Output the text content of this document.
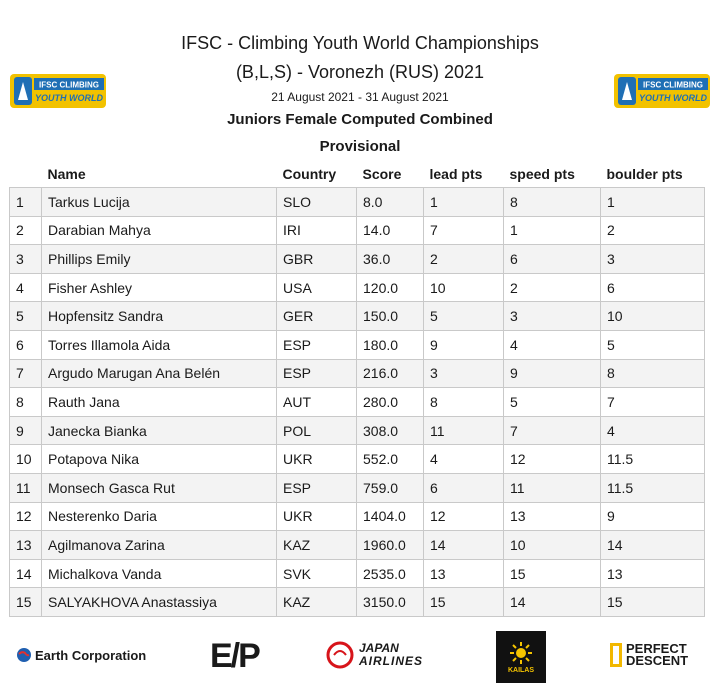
IFSC - Climbing Youth World Championships
(B,L,S) - Voronezh (RUS) 2021
21 August 2021 - 31 August 2021
Juniors Female Computed Combined
Provisional
IFSC CLIMBING
YOUTH WORLD
IFSC CLIMBING
YOUTH WORLD
	Name	Country	Score	lead pts	speed pts	boulder pts
1	Tarkus Lucija	SLO	8.0	1	8	1
2	Darabian Mahya	IRI	14.0	7	1	2
3	Phillips Emily	GBR	36.0	2	6	3
4	Fisher Ashley	USA	120.0	10	2	6
5	Hopfensitz Sandra	GER	150.0	5	3	10
6	Torres Illamola Aida	ESP	180.0	9	4	5
7	Argudo Marugan Ana Belén	ESP	216.0	3	9	8
8	Rauth Jana	AUT	280.0	8	5	7
9	Janecka Bianka	POL	308.0	11	7	4
10	Potapova Nika	UKR	552.0	4	12	11.5
11	Monsech Gasca Rut	ESP	759.0	6	11	11.5
12	Nesterenko Daria	UKR	1404.0	12	13	9
13	Agilmanova Zarina	KAZ	1960.0	14	10	14
14	Michalkova Vanda	SVK	2535.0	13	15	13
15	SALYAKHOVA Anastassiya	KAZ	3150.0	15	14	15
Earth Corporation E/P	JAPAN
AIRLINES
KAILAS
PERFECT
DESCENT
